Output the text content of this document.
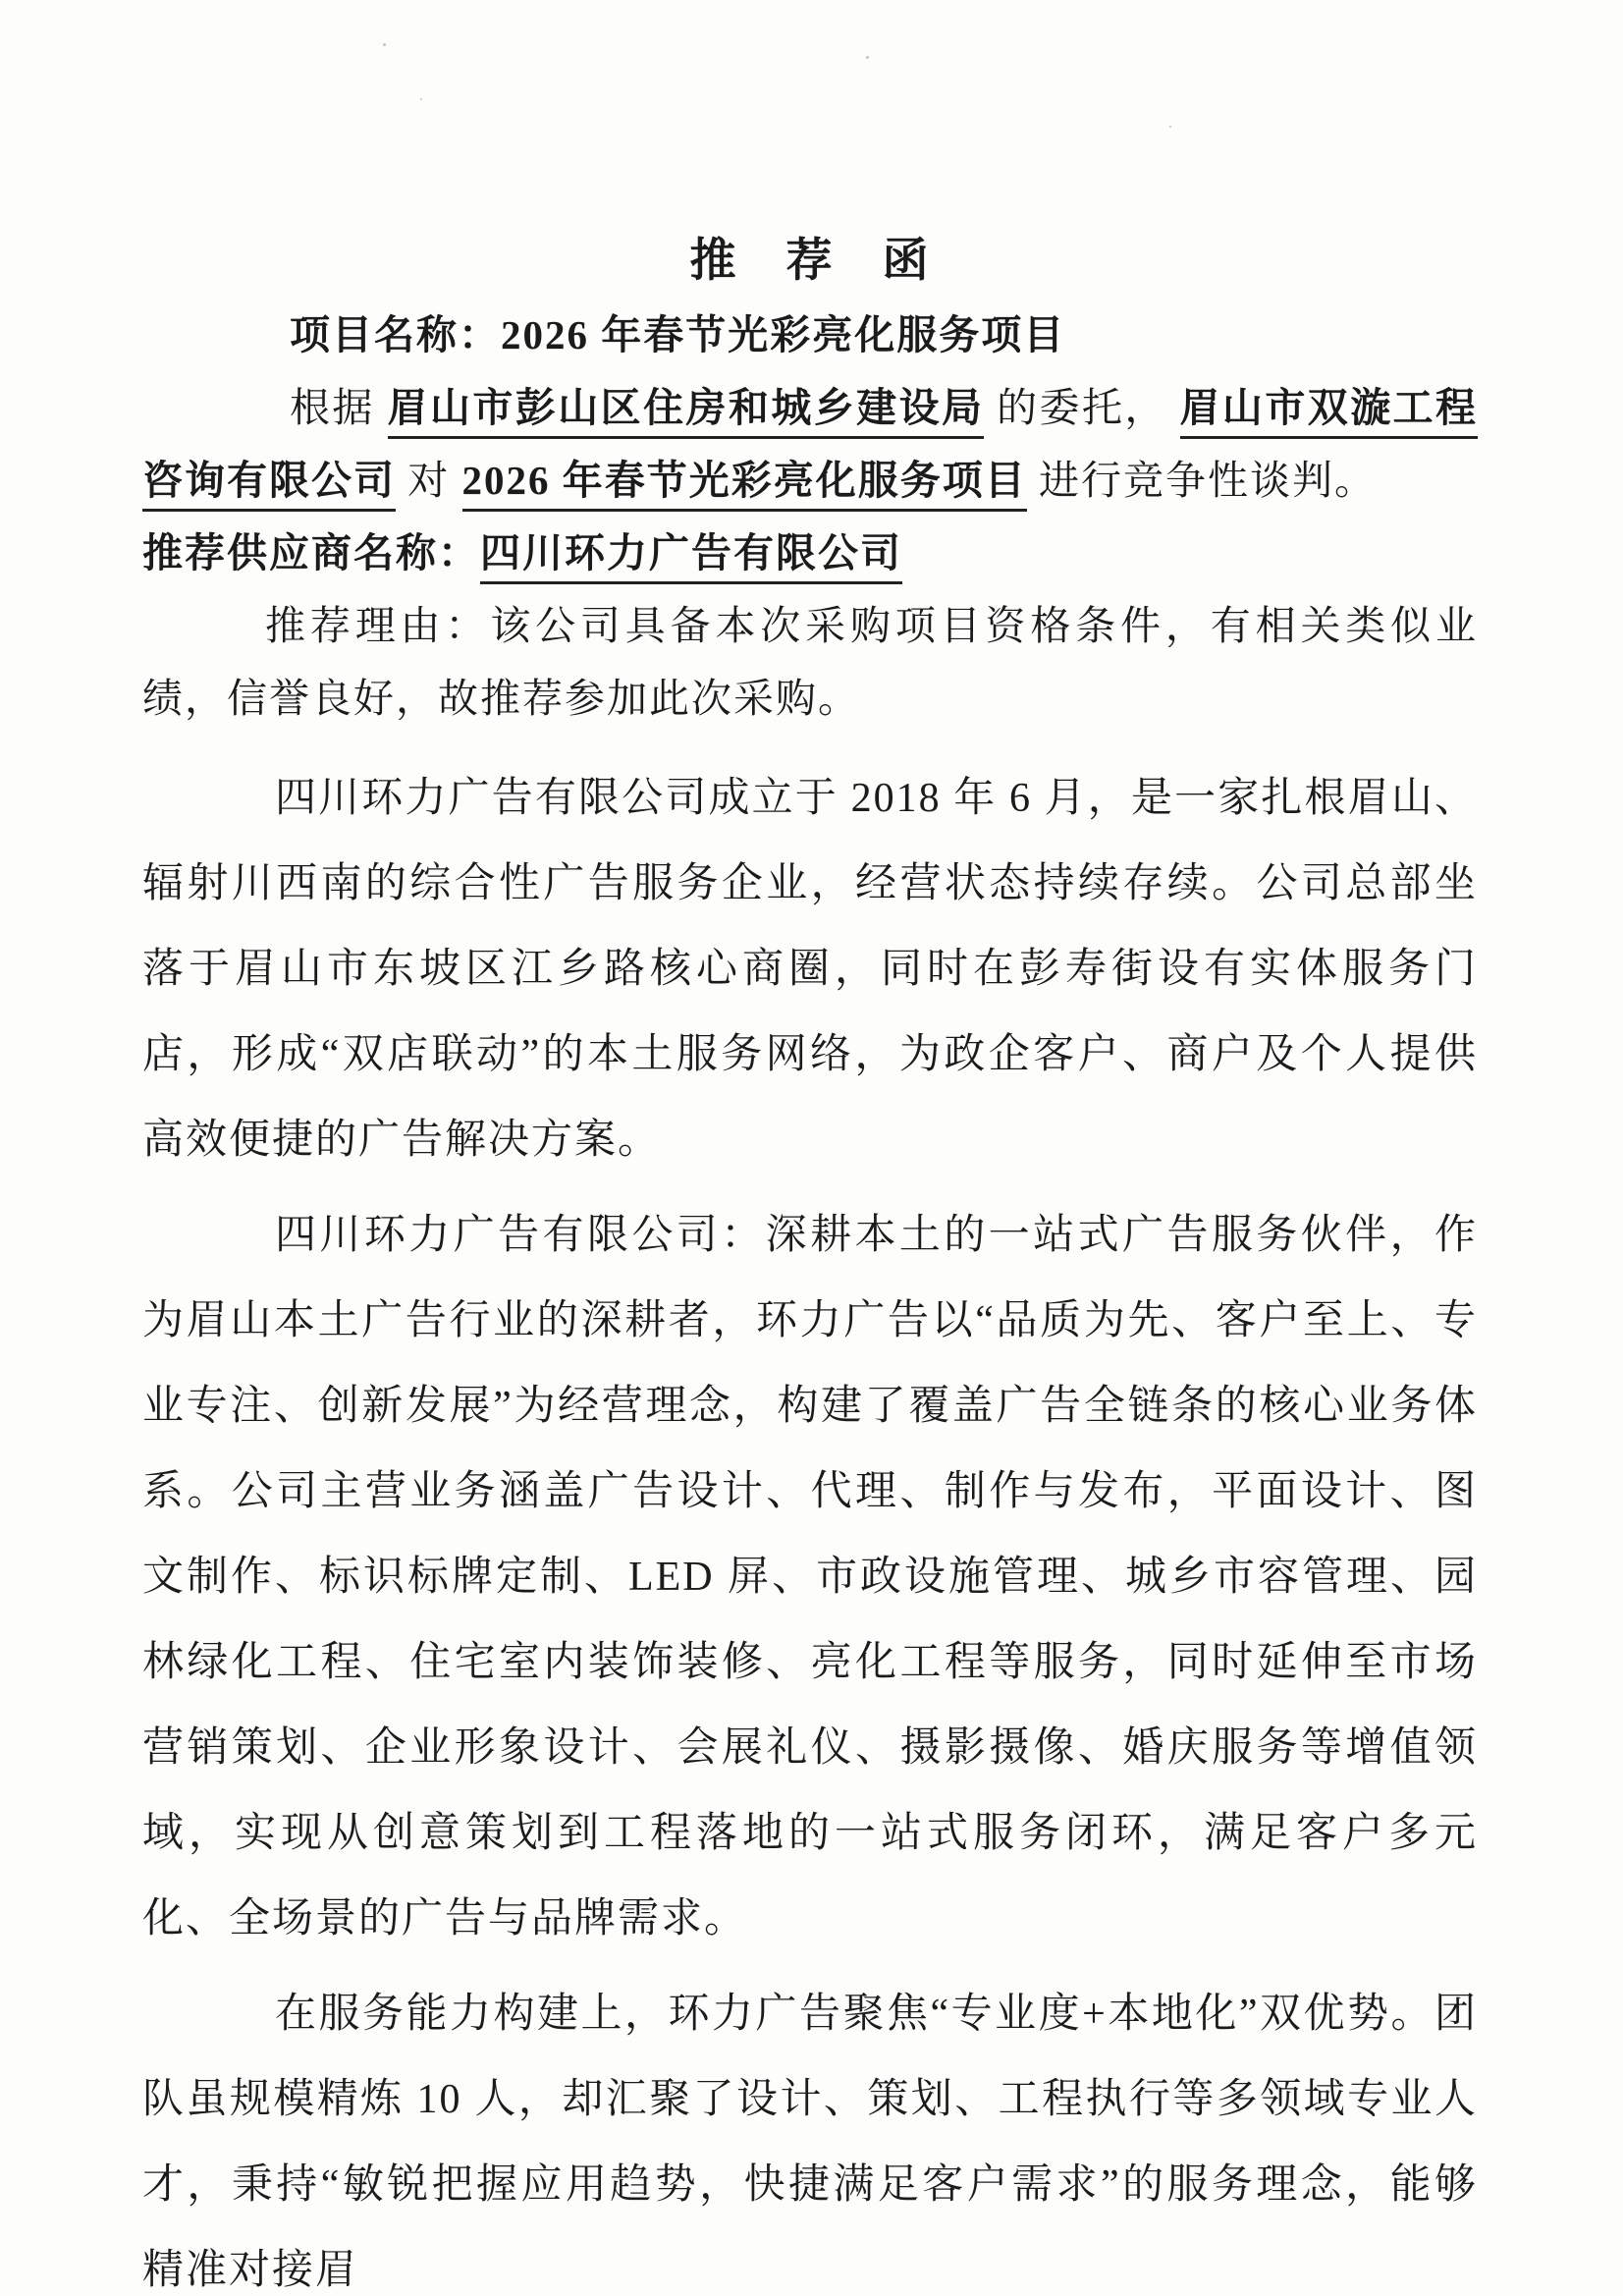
推　荐　函

项目名称：2026 年春节光彩亮化服务项目

根据 眉山市彭山区住房和城乡建设局 的委托， 眉山市双漩工程咨询有限公司 对 2026 年春节光彩亮化服务项目 进行竞争性谈判。

推荐供应商名称：四川环力广告有限公司

推荐理由：该公司具备本次采购项目资格条件，有相关类似业绩，信誉良好，故推荐参加此次采购。

四川环力广告有限公司成立于 2018 年 6 月，是一家扎根眉山、辐射川西南的综合性广告服务企业，经营状态持续存续。公司总部坐落于眉山市东坡区江乡路核心商圈，同时在彭寿街设有实体服务门店，形成“双店联动”的本土服务网络，为政企客户、商户及个人提供高效便捷的广告解决方案。

四川环力广告有限公司：深耕本土的一站式广告服务伙伴，作为眉山本土广告行业的深耕者，环力广告以“品质为先、客户至上、专业专注、创新发展”为经营理念，构建了覆盖广告全链条的核心业务体系。公司主营业务涵盖广告设计、代理、制作与发布，平面设计、图文制作、标识标牌定制、LED 屏、市政设施管理、城乡市容管理、园林绿化工程、住宅室内装饰装修、亮化工程等服务，同时延伸至市场营销策划、企业形象设计、会展礼仪、摄影摄像、婚庆服务等增值领域，实现从创意策划到工程落地的一站式服务闭环，满足客户多元化、全场景的广告与品牌需求。

在服务能力构建上，环力广告聚焦“专业度+本地化”双优势。团队虽规模精炼 10 人，却汇聚了设计、策划、工程执行等多领域专业人才，秉持“敏锐把握应用趋势，快捷满足客户需求”的服务理念，能够精准对接眉
